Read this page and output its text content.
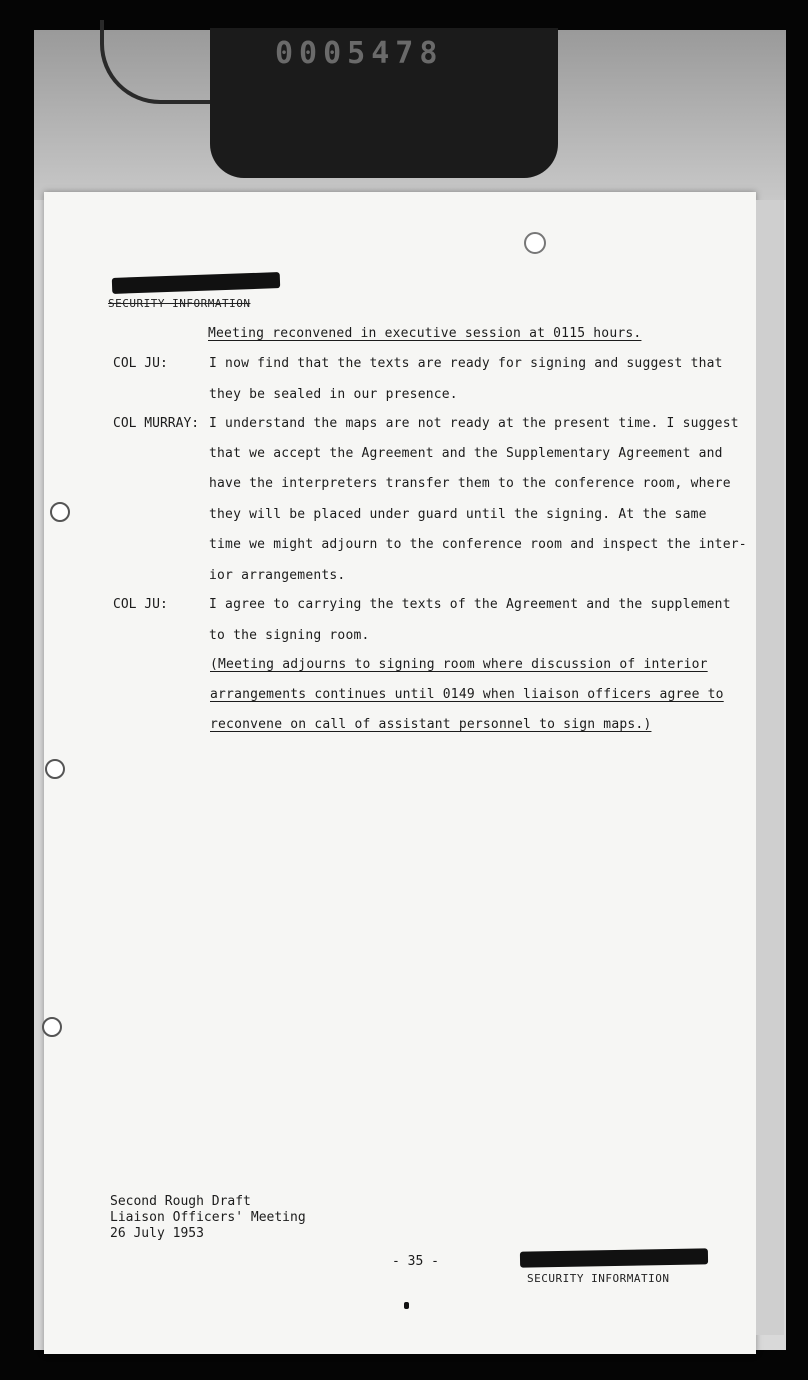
0005478
SECURITY INFORMATION
Meeting reconvened in executive session at 0115 hours.
COL JU:	I now find that the texts are ready for signing and suggest that
they be sealed in our presence.
COL MURRAY: I understand the maps are not ready at the present time. I suggest
that we accept the Agreement and the Supplementary Agreement and
have the interpreters transfer them to the conference room, where
they will be placed under guard until the signing. At the same
time we might adjourn to the conference room and inspect the inter-
ior arrangements.
COL JU:	I agree to carrying the texts of the Agreement and the supplement
to the signing room.
(Meeting adjourns to signing room where discussion of interior
arrangements continues until 0149 when liaison officers agree to
reconvene on call of assistant personnel to sign maps.)
Second Rough Draft
Liaison Officers' Meeting
26 July 1953
- 35 -
SECURITY INFORMATION
